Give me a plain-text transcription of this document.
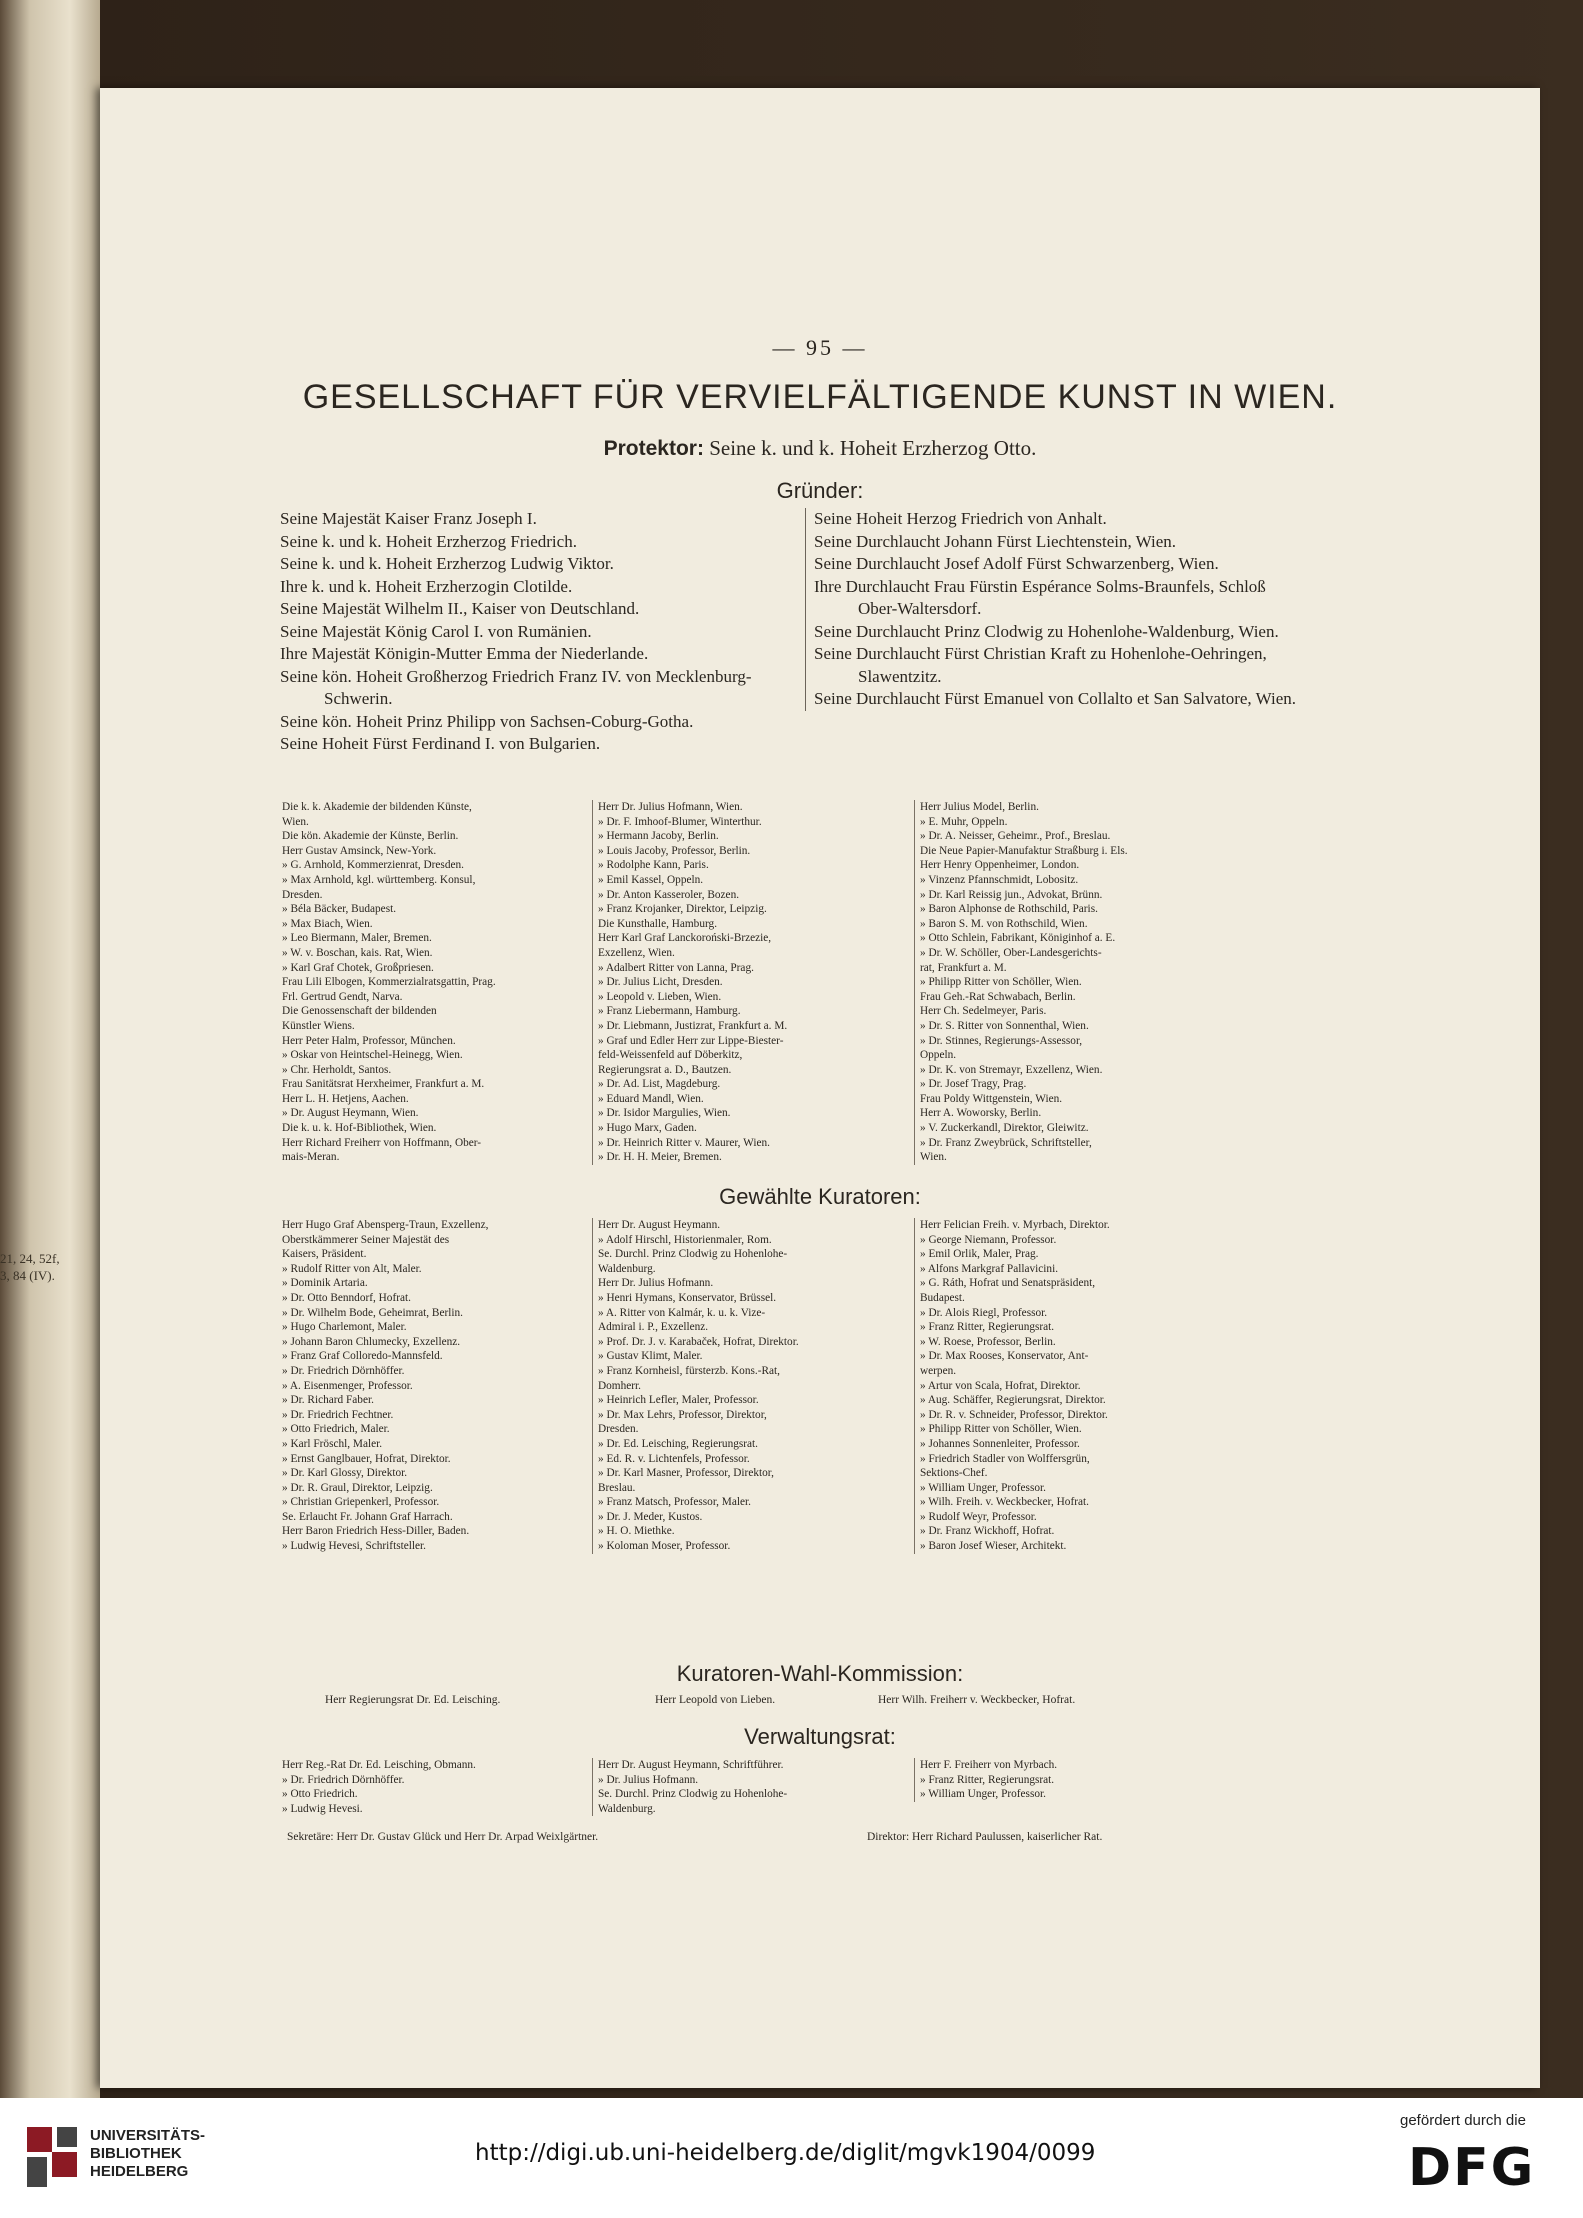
21, 24, 52f,
3, 84 (IV).
— 95 —
GESELLSCHAFT FÜR VERVIELFÄLTIGENDE KUNST IN WIEN.
Protektor: Seine k. und k. Hoheit Erzherzog Otto.
Gründer:
Seine Majestät Kaiser Franz Joseph I.
Seine k. und k. Hoheit Erzherzog Friedrich.
Seine k. und k. Hoheit Erzherzog Ludwig Viktor.
Ihre k. und k. Hoheit Erzherzogin Clotilde.
Seine Majestät Wilhelm II., Kaiser von Deutschland.
Seine Majestät König Carol I. von Rumänien.
Ihre Majestät Königin-Mutter Emma der Niederlande.
Seine kön. Hoheit Großherzog Friedrich Franz IV. von Mecklenburg-Schwerin.
Seine kön. Hoheit Prinz Philipp von Sachsen-Coburg-Gotha.
Seine Hoheit Fürst Ferdinand I. von Bulgarien.
Seine Hoheit Herzog Friedrich von Anhalt.
Seine Durchlaucht Johann Fürst Liechtenstein, Wien.
Seine Durchlaucht Josef Adolf Fürst Schwarzenberg, Wien.
Ihre Durchlaucht Frau Fürstin Espérance Solms-Braunfels, Schloß Ober-Waltersdorf.
Seine Durchlaucht Prinz Clodwig zu Hohenlohe-Waldenburg, Wien.
Seine Durchlaucht Fürst Christian Kraft zu Hohenlohe-Oehringen, Slawentzitz.
Seine Durchlaucht Fürst Emanuel von Collalto et San Salvatore, Wien.
Die k. k. Akademie der bildenden Künste,
Wien.
Die kön. Akademie der Künste, Berlin.
Herr Gustav Amsinck, New-York.
» G. Arnhold, Kommerzienrat, Dresden.
» Max Arnhold, kgl. württemberg. Konsul,
Dresden.
» Béla Bäcker, Budapest.
» Max Biach, Wien.
» Leo Biermann, Maler, Bremen.
» W. v. Boschan, kais. Rat, Wien.
» Karl Graf Chotek, Großpriesen.
Frau Lili Elbogen, Kommerzialratsgattin, Prag.
Frl. Gertrud Gendt, Narva.
Die Genossenschaft der bildenden
Künstler Wiens.
Herr Peter Halm, Professor, München.
» Oskar von Heintschel-Heinegg, Wien.
» Chr. Herholdt, Santos.
Frau Sanitätsrat Herxheimer, Frankfurt a. M.
Herr L. H. Hetjens, Aachen.
» Dr. August Heymann, Wien.
Die k. u. k. Hof-Bibliothek, Wien.
Herr Richard Freiherr von Hoffmann, Ober-
mais-Meran.
Herr Dr. Julius Hofmann, Wien.
» Dr. F. Imhoof-Blumer, Winterthur.
» Hermann Jacoby, Berlin.
» Louis Jacoby, Professor, Berlin.
» Rodolphe Kann, Paris.
» Emil Kassel, Oppeln.
» Dr. Anton Kasseroler, Bozen.
» Franz Krojanker, Direktor, Leipzig.
Die Kunsthalle, Hamburg.
Herr Karl Graf Lanckoroński-Brzezie,
Exzellenz, Wien.
» Adalbert Ritter von Lanna, Prag.
» Dr. Julius Licht, Dresden.
» Leopold v. Lieben, Wien.
» Franz Liebermann, Hamburg.
» Dr. Liebmann, Justizrat, Frankfurt a. M.
» Graf und Edler Herr zur Lippe-Biester-
feld-Weissenfeld auf Döberkitz,
Regierungsrat a. D., Bautzen.
» Dr. Ad. List, Magdeburg.
» Eduard Mandl, Wien.
» Dr. Isidor Margulies, Wien.
» Hugo Marx, Gaden.
» Dr. Heinrich Ritter v. Maurer, Wien.
» Dr. H. H. Meier, Bremen.
Herr Julius Model, Berlin.
» E. Muhr, Oppeln.
» Dr. A. Neisser, Geheimr., Prof., Breslau.
Die Neue Papier-Manufaktur Straßburg i. Els.
Herr Henry Oppenheimer, London.
» Vinzenz Pfannschmidt, Lobositz.
» Dr. Karl Reissig jun., Advokat, Brünn.
» Baron Alphonse de Rothschild, Paris.
» Baron S. M. von Rothschild, Wien.
» Otto Schlein, Fabrikant, Königinhof a. E.
» Dr. W. Schöller, Ober-Landesgerichts-
rat, Frankfurt a. M.
» Philipp Ritter von Schöller, Wien.
Frau Geh.-Rat Schwabach, Berlin.
Herr Ch. Sedelmeyer, Paris.
» Dr. S. Ritter von Sonnenthal, Wien.
» Dr. Stinnes, Regierungs-Assessor,
Oppeln.
» Dr. K. von Stremayr, Exzellenz, Wien.
» Dr. Josef Tragy, Prag.
Frau Poldy Wittgenstein, Wien.
Herr A. Woworsky, Berlin.
» V. Zuckerkandl, Direktor, Gleiwitz.
» Dr. Franz Zweybrück, Schriftsteller,
Wien.
Gewählte Kuratoren:
Herr Hugo Graf Abensperg-Traun, Exzellenz,
Oberstkämmerer Seiner Majestät des
Kaisers, Präsident.
» Rudolf Ritter von Alt, Maler.
» Dominik Artaria.
» Dr. Otto Benndorf, Hofrat.
» Dr. Wilhelm Bode, Geheimrat, Berlin.
» Hugo Charlemont, Maler.
» Johann Baron Chlumecky, Exzellenz.
» Franz Graf Colloredo-Mannsfeld.
» Dr. Friedrich Dörnhöffer.
» A. Eisenmenger, Professor.
» Dr. Richard Faber.
» Dr. Friedrich Fechtner.
» Otto Friedrich, Maler.
» Karl Fröschl, Maler.
» Ernst Ganglbauer, Hofrat, Direktor.
» Dr. Karl Glossy, Direktor.
» Dr. R. Graul, Direktor, Leipzig.
» Christian Griepenkerl, Professor.
Se. Erlaucht Fr. Johann Graf Harrach.
Herr Baron Friedrich Hess-Diller, Baden.
» Ludwig Hevesi, Schriftsteller.
Herr Dr. August Heymann.
» Adolf Hirschl, Historienmaler, Rom.
Se. Durchl. Prinz Clodwig zu Hohenlohe-
Waldenburg.
Herr Dr. Julius Hofmann.
» Henri Hymans, Konservator, Brüssel.
» A. Ritter von Kalmár, k. u. k. Vize-
Admiral i. P., Exzellenz.
» Prof. Dr. J. v. Karabaček, Hofrat, Direktor.
» Gustav Klimt, Maler.
» Franz Kornheisl, fürsterzb. Kons.-Rat,
Domherr.
» Heinrich Lefler, Maler, Professor.
» Dr. Max Lehrs, Professor, Direktor,
Dresden.
» Dr. Ed. Leisching, Regierungsrat.
» Ed. R. v. Lichtenfels, Professor.
» Dr. Karl Masner, Professor, Direktor,
Breslau.
» Franz Matsch, Professor, Maler.
» Dr. J. Meder, Kustos.
» H. O. Miethke.
» Koloman Moser, Professor.
Herr Felician Freih. v. Myrbach, Direktor.
» George Niemann, Professor.
» Emil Orlik, Maler, Prag.
» Alfons Markgraf Pallavicini.
» G. Ráth, Hofrat und Senatspräsident,
Budapest.
» Dr. Alois Riegl, Professor.
» Franz Ritter, Regierungsrat.
» W. Roese, Professor, Berlin.
» Dr. Max Rooses, Konservator, Ant-
werpen.
» Artur von Scala, Hofrat, Direktor.
» Aug. Schäffer, Regierungsrat, Direktor.
» Dr. R. v. Schneider, Professor, Direktor.
» Philipp Ritter von Schöller, Wien.
» Johannes Sonnenleiter, Professor.
» Friedrich Stadler von Wolffersgrün,
Sektions-Chef.
» William Unger, Professor.
» Wilh. Freih. v. Weckbecker, Hofrat.
» Rudolf Weyr, Professor.
» Dr. Franz Wickhoff, Hofrat.
» Baron Josef Wieser, Architekt.
Kuratoren-Wahl-Kommission:
Herr Regierungsrat Dr. Ed. Leisching.	Herr Leopold von Lieben.	Herr Wilh. Freiherr v. Weckbecker, Hofrat.
Verwaltungsrat:
Herr Reg.-Rat Dr. Ed. Leisching, Obmann.
» Dr. Friedrich Dörnhöffer.
» Otto Friedrich.
» Ludwig Hevesi.
Herr Dr. August Heymann, Schriftführer.
» Dr. Julius Hofmann.
Se. Durchl. Prinz Clodwig zu Hohenlohe-
Waldenburg.
Herr F. Freiherr von Myrbach.
» Franz Ritter, Regierungsrat.
» William Unger, Professor.
Sekretäre: Herr Dr. Gustav Glück und Herr Dr. Arpad Weixlgärtner.	Direktor: Herr Richard Paulussen, kaiserlicher Rat.
UNIVERSITÄTS-
BIBLIOTHEK
HEIDELBERG
http://digi.ub.uni-heidelberg.de/diglit/mgvk1904/0099
gefördert durch die
DFG
